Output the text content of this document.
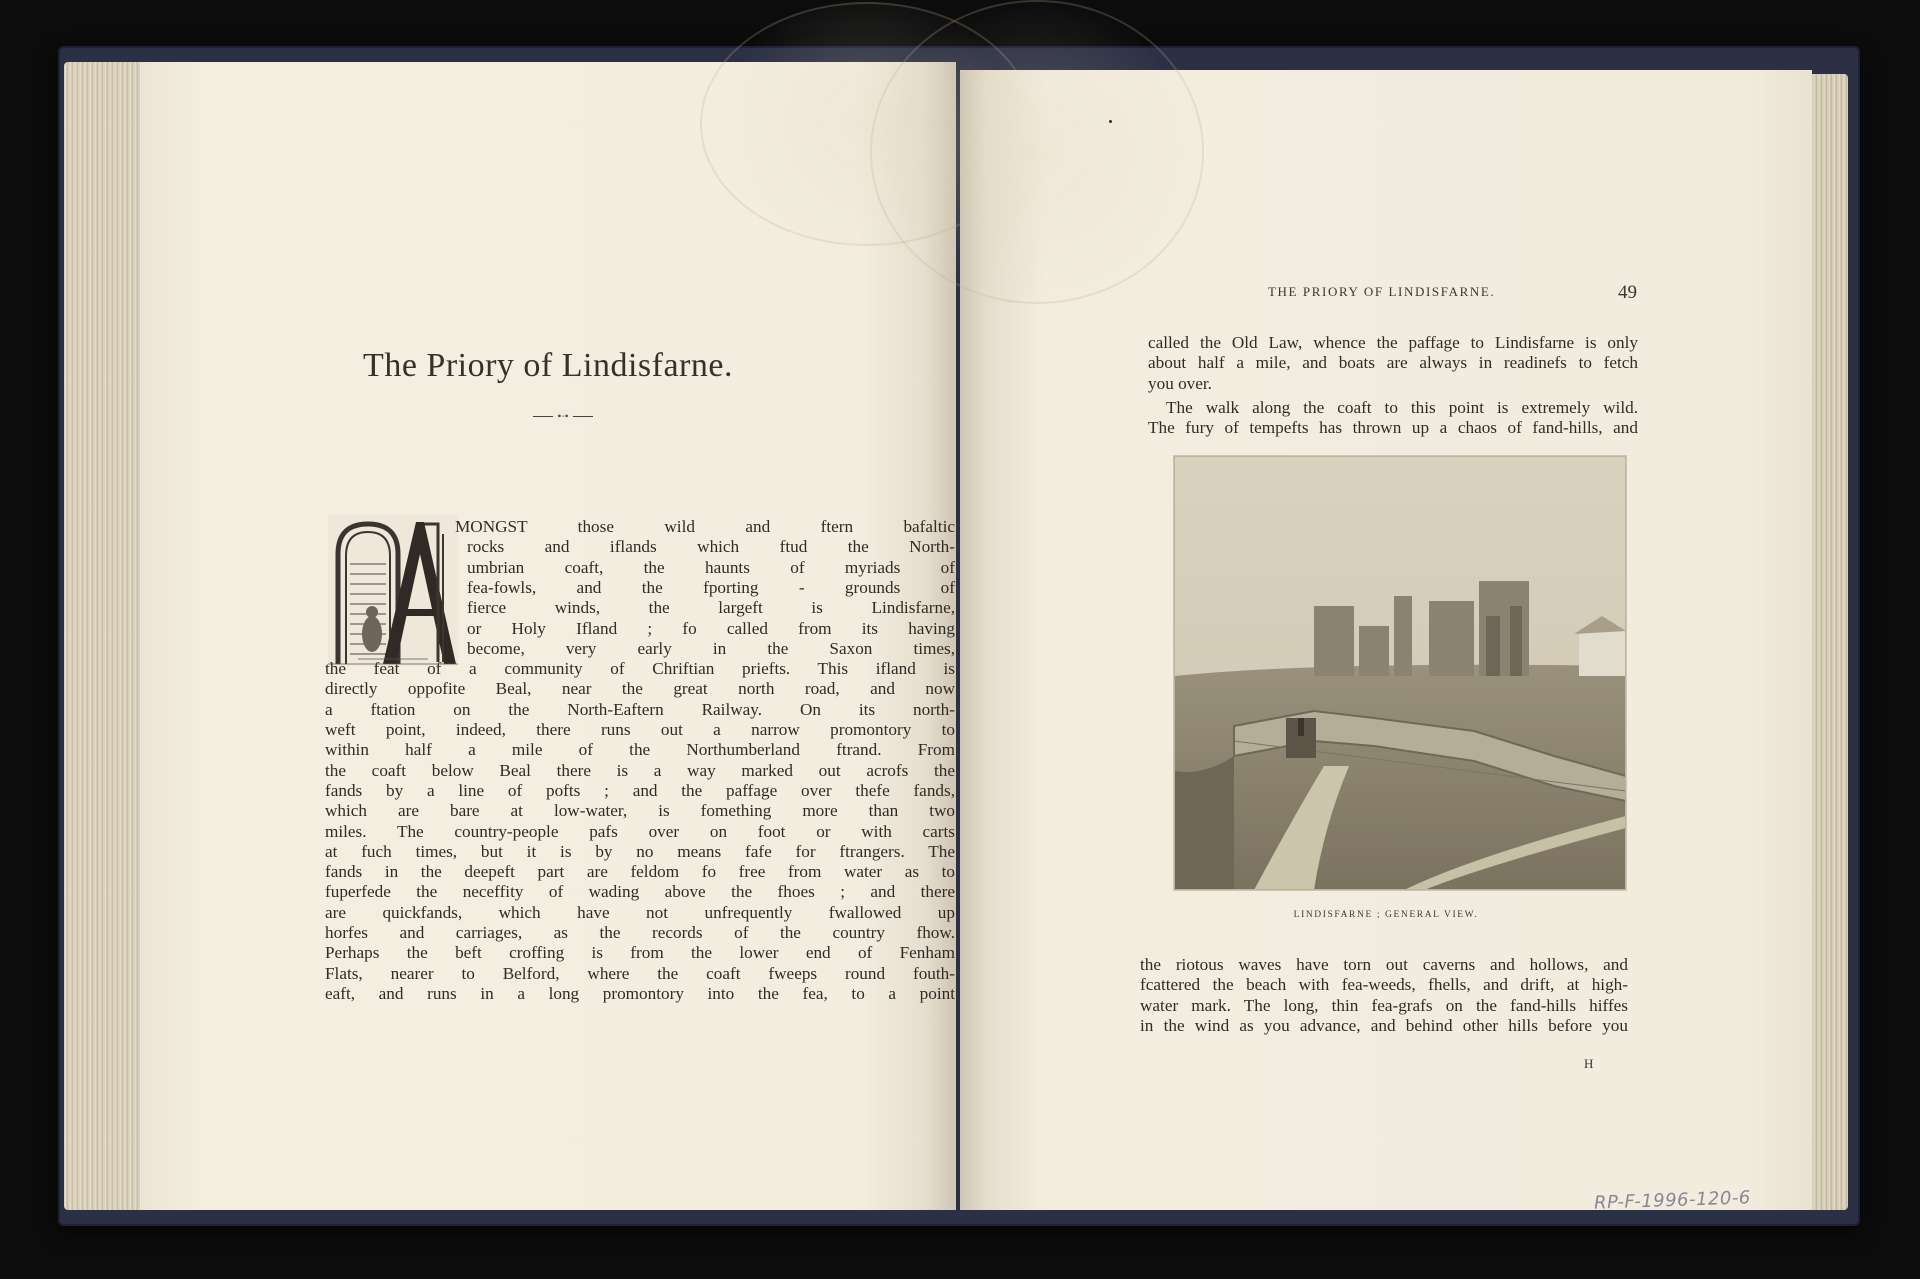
The Priory of Lindisfarne.
•∙•
MONGST those wild and ftern bafaltic
rocks and iflands which ftud the North-
umbrian coaft, the haunts of myriads of
fea-fowls, and the fporting - grounds of
fierce winds, the largeft is Lindisfarne,
or Holy Ifland ; fo called from its having
become, very early in the Saxon times,
the feat of a community of Chriftian priefts. This ifland is
directly oppofite Beal, near the great north road, and now
a ftation on the North-Eaftern Railway. On its north-
weft point, indeed, there runs out a narrow promontory to
within half a mile of the Northumberland ftrand. From
the coaft below Beal there is a way marked out acrofs the
fands by a line of pofts ; and the paffage over thefe fands,
which are bare at low-water, is fomething more than two
miles. The country-people pafs over on foot or with carts
at fuch times, but it is by no means fafe for ftrangers. The
fands in the deepeft part are feldom fo free from water as to
fuperfede the neceffity of wading above the fhoes ; and there
are quickfands, which have not unfrequently fwallowed up
horfes and carriages, as the records of the country fhow.
Perhaps the beft croffing is from the lower end of Fenham
Flats, nearer to Belford, where the coaft fweeps round fouth-
eaft, and runs in a long promontory into the fea, to a point
THE PRIORY OF LINDISFARNE.	49
called the Old Law, whence the paffage to Lindisfarne is only
about half a mile, and boats are always in readinefs to fetch
you over.
The walk along the coaft to this point is extremely wild.
The fury of tempefts has thrown up a chaos of fand-hills, and
LINDISFARNE ; GENERAL VIEW.
the riotous waves have torn out caverns and hollows, and
fcattered the beach with fea-weeds, fhells, and drift, at high-
water mark. The long, thin fea-grafs on the fand-hills hiffes
in the wind as you advance, and behind other hills before you
H
RP-F-1996-120-6
